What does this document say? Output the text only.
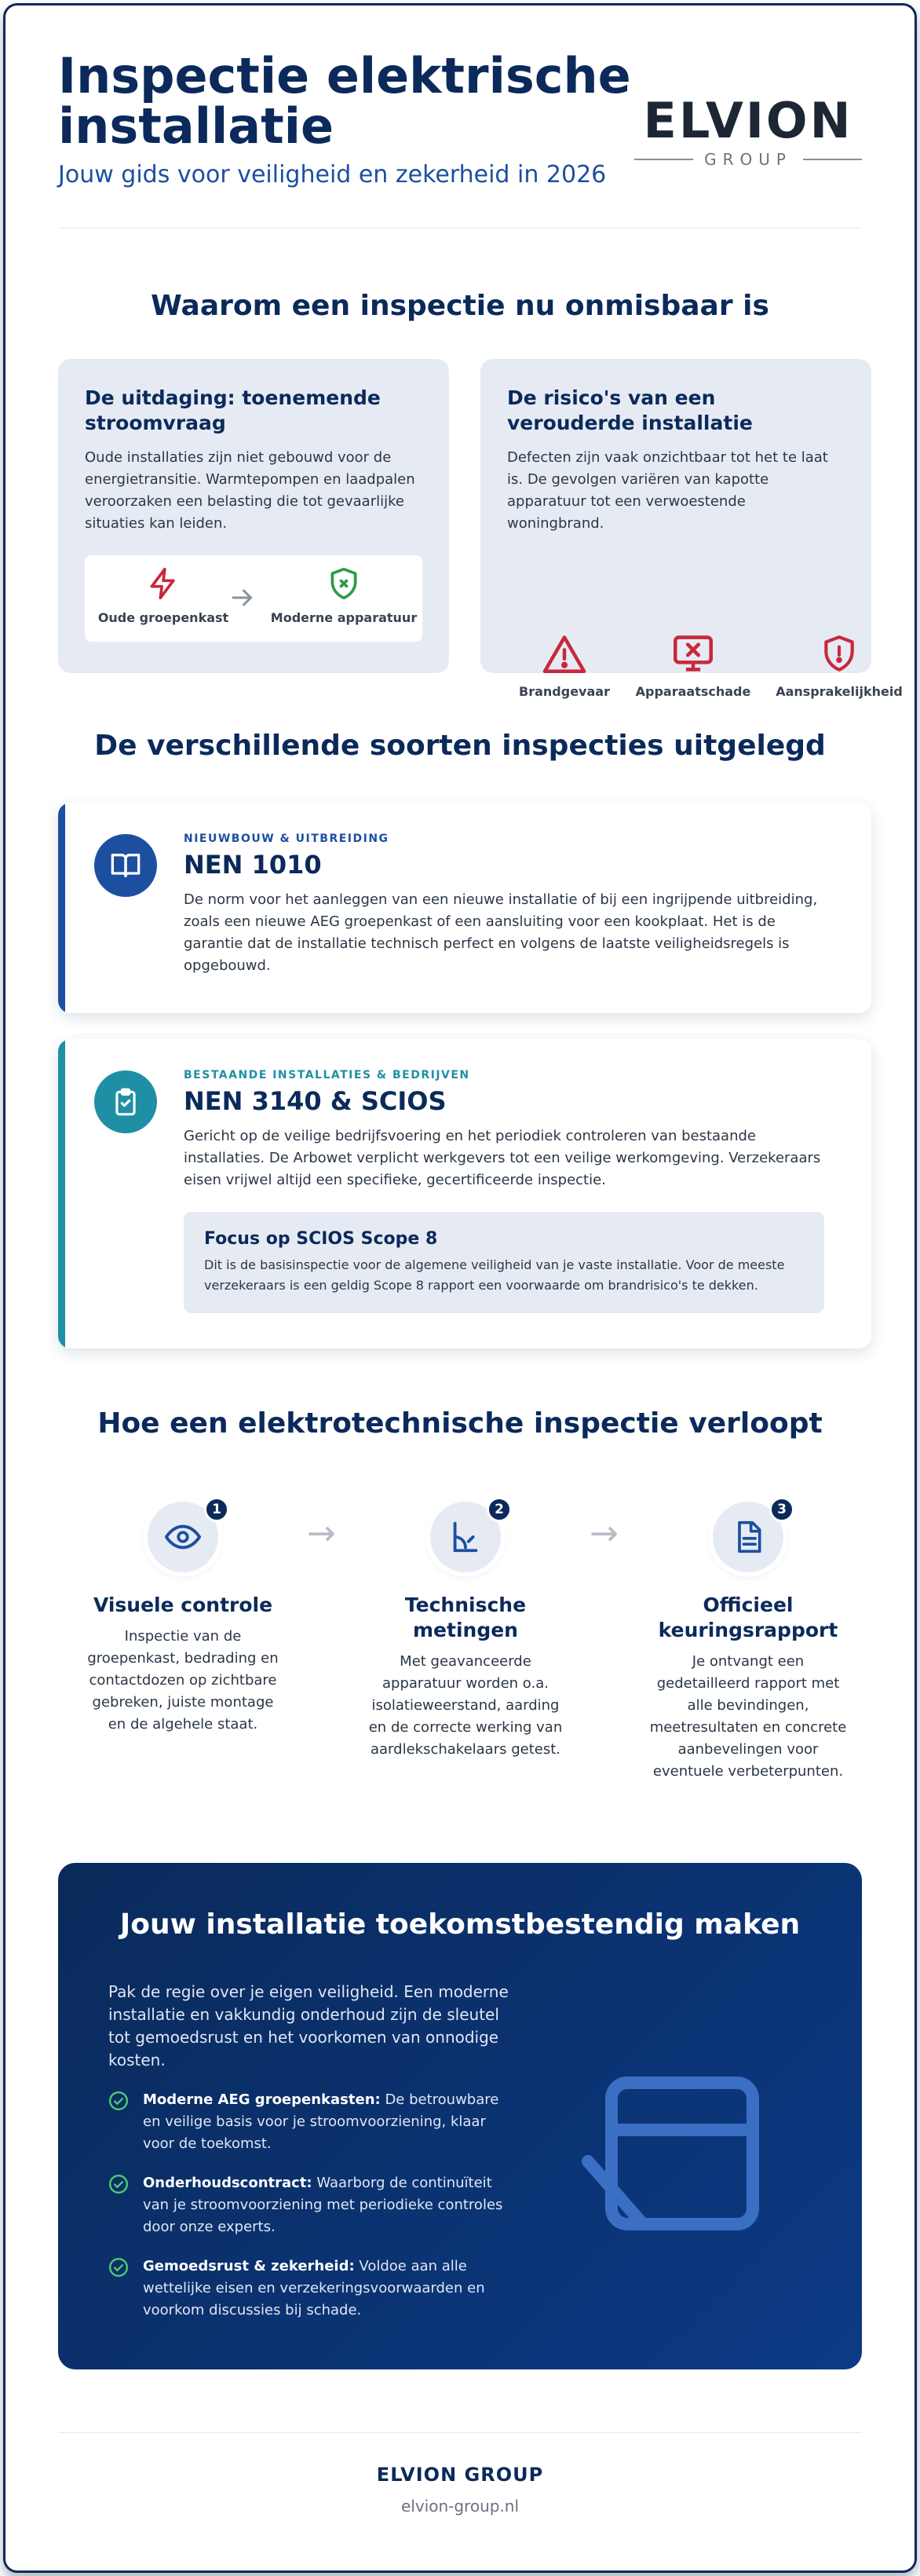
Inspectie elektrische installatie
Jouw gids voor veiligheid en zekerheid in 2026
ELVION
GROUP
Waarom een inspectie nu onmisbaar is
De uitdaging: toenemende stroomvraag

Oude installaties zijn niet gebouwd voor de energietransitie. Warmtepompen en laadpalen veroorzaken een belasting die tot gevaarlijke situaties kan leiden.

Oude groepenkast	Moderne apparatuur
De risico's van een verouderde installatie

Defecten zijn vaak onzichtbaar tot het te laat is. De gevolgen variëren van kapotte apparatuur tot een verwoestende woningbrand.

Brandgevaar	Apparaatschade	Aansprakelijkheid
De verschillende soorten inspecties uitgelegd
NIEUWBOUW & UITBREIDING
NEN 1010
De norm voor het aanleggen van een nieuwe installatie of bij een ingrijpende uitbreiding, zoals een nieuwe AEG groepenkast of een aansluiting voor een kookplaat. Het is de garantie dat de installatie technisch perfect en volgens de laatste veiligheidsregels is opgebouwd.
BESTAANDE INSTALLATIES & BEDRIJVEN
NEN 3140 & SCIOS
Gericht op de veilige bedrijfsvoering en het periodiek controleren van bestaande installaties. De Arbowet verplicht werkgevers tot een veilige werkomgeving. Verzekeraars eisen vrijwel altijd een specifieke, gecertificeerde inspectie.
Focus op SCIOS Scope 8
Dit is de basisinspectie voor de algemene veiligheid van je vaste installatie. Voor de meeste verzekeraars is een geldig Scope 8 rapport een voorwaarde om brandrisico's te dekken.
Hoe een elektrotechnische inspectie verloopt
1
Visuele controle
Inspectie van de groepenkast, bedrading en contactdozen op zichtbare gebreken, juiste montage en de algehele staat.
→
2
Technische metingen
Met geavanceerde apparatuur worden o.a. isolatieweerstand, aarding en de correcte werking van aardlekschakelaars getest.
→
3
Officieel keuringsrapport
Je ontvangt een gedetailleerd rapport met alle bevindingen, meetresultaten en concrete aanbevelingen voor eventuele verbeterpunten.
Jouw installatie toekomstbestendig maken
Pak de regie over je eigen veiligheid. Een moderne installatie en vakkundig onderhoud zijn de sleutel tot gemoedsrust en het voorkomen van onnodige kosten.
Moderne AEG groepenkasten: De betrouwbare en veilige basis voor je stroomvoorziening, klaar voor de toekomst.
Onderhoudscontract: Waarborg de continuïteit van je stroomvoorziening met periodieke controles door onze experts.
Gemoedsrust & zekerheid: Voldoe aan alle wettelijke eisen en verzekeringsvoorwaarden en voorkom discussies bij schade.
ELVION GROUP
elvion-group.nl
